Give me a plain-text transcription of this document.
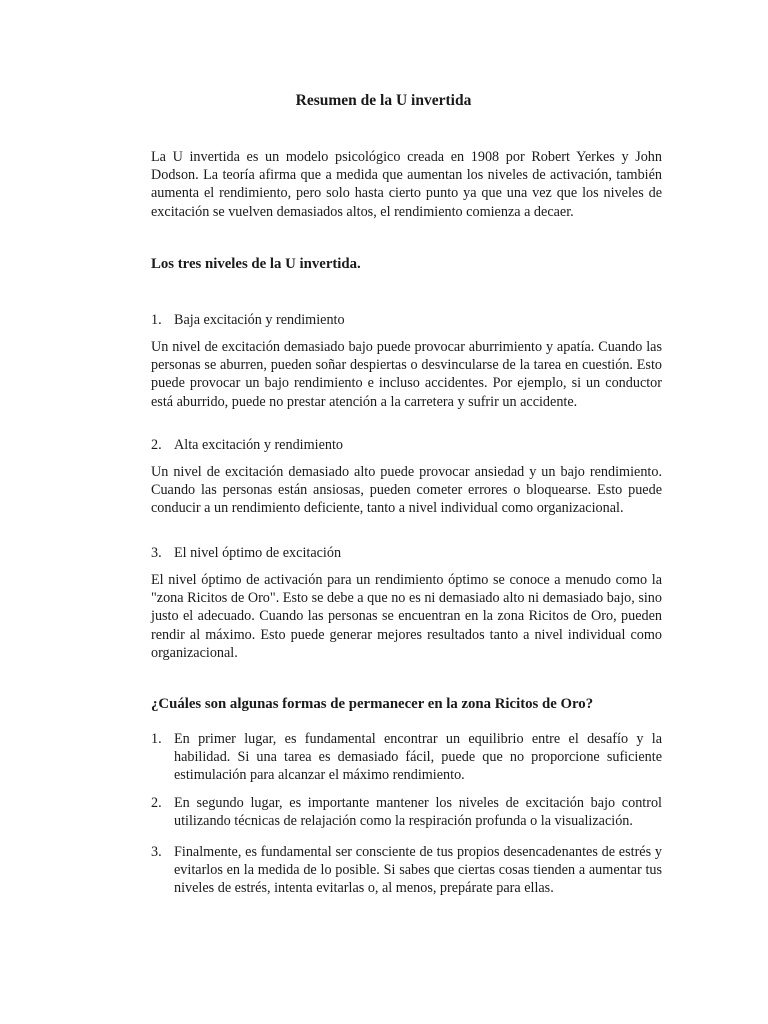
Resumen de la U invertida

La U invertida es un modelo psicológico creada en 1908 por Robert Yerkes y John Dodson. La teoría afirma que a medida que aumentan los niveles de activación, también aumenta el rendimiento, pero solo hasta cierto punto ya que una vez que los niveles de excitación se vuelven demasiados altos, el rendimiento comienza a decaer.

Los tres niveles de la U invertida.
1. Baja excitación y rendimiento

Un nivel de excitación demasiado bajo puede provocar aburrimiento y apatía. Cuando las personas se aburren, pueden soñar despiertas o desvincularse de la tarea en cuestión. Esto puede provocar un bajo rendimiento e incluso accidentes. Por ejemplo, si un conductor está aburrido, puede no prestar atención a la carretera y sufrir un accidente.

2. Alta excitación y rendimiento

Un nivel de excitación demasiado alto puede provocar ansiedad y un bajo rendimiento. Cuando las personas están ansiosas, pueden cometer errores o bloquearse. Esto puede conducir a un rendimiento deficiente, tanto a nivel individual como organizacional.

3. El nivel óptimo de excitación

El nivel óptimo de activación para un rendimiento óptimo se conoce a menudo como la "zona Ricitos de Oro". Esto se debe a que no es ni demasiado alto ni demasiado bajo, sino justo el adecuado. Cuando las personas se encuentran en la zona Ricitos de Oro, pueden rendir al máximo. Esto puede generar mejores resultados tanto a nivel individual como organizacional.

¿Cuáles son algunas formas de permanecer en la zona Ricitos de Oro?
1. En primer lugar, es fundamental encontrar un equilibrio entre el desafío y la habilidad. Si una tarea es demasiado fácil, puede que no proporcione suficiente estimulación para alcanzar el máximo rendimiento.
2. En segundo lugar, es importante mantener los niveles de excitación bajo control utilizando técnicas de relajación como la respiración profunda o la visualización.
3. Finalmente, es fundamental ser consciente de tus propios desencadenantes de estrés y evitarlos en la medida de lo posible. Si sabes que ciertas cosas tienden a aumentar tus niveles de estrés, intenta evitarlas o, al menos, prepárate para ellas.
